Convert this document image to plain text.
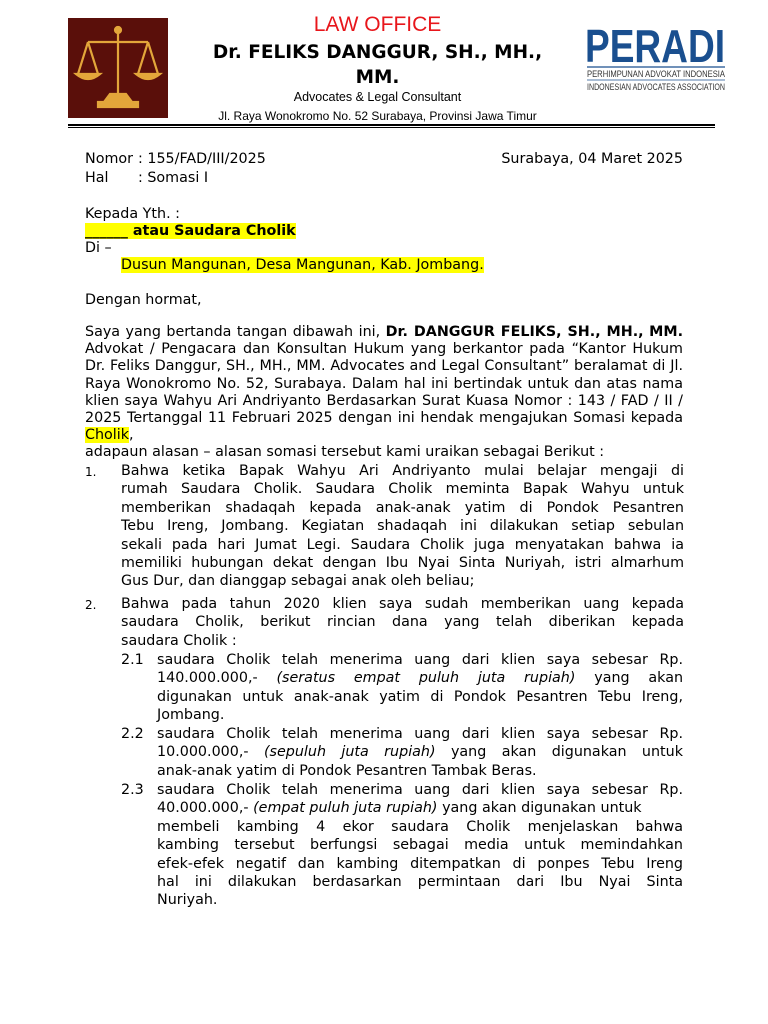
LAW OFFICE
Dr. FELIKS DANGGUR, SH., MH.,
MM.
Advocates & Legal Consultant
Jl. Raya Wonokromo No. 52 Surabaya, Provinsi Jawa Timur
PERADI
PERHIMPUNAN ADVOKAT INDONESIA
INDONESIAN ADVOCATES ASSOCIATION
Nomor : 155/FAD/III/2025	Surabaya, 04 Maret 2025
Hal : Somasi I
Kepada Yth. :
______ atau Saudara Cholik
Di –
Dusun Mangunan, Desa Mangunan, Kab. Jombang.
Dengan hormat,
Saya yang bertanda tangan dibawah ini, Dr. DANGGUR FELIKS, SH., MH., MM. Advokat / Pengacara dan Konsultan Hukum yang berkantor pada “Kantor Hukum Dr. Feliks Danggur, SH., MH., MM. Advocates and Legal Consultant” beralamat di Jl. Raya Wonokromo No. 52, Surabaya. Dalam hal ini bertindak untuk dan atas nama klien saya Wahyu Ari Andriyanto Berdasarkan Surat Kuasa Nomor : 143 / FAD / II / 2025 Tertanggal 11 Februari 2025 dengan ini hendak mengajukan Somasi kepada Cholik,
adapaun alasan – alasan somasi tersebut kami uraikan sebagai Berikut :
1. Bahwa ketika Bapak Wahyu Ari Andriyanto mulai belajar mengaji di
rumah Saudara Cholik. Saudara Cholik meminta Bapak Wahyu untuk
memberikan shadaqah kepada anak-anak yatim di Pondok Pesantren
Tebu Ireng, Jombang. Kegiatan shadaqah ini dilakukan setiap sebulan
sekali pada hari Jumat Legi. Saudara Cholik juga menyatakan bahwa ia
memiliki hubungan dekat dengan Ibu Nyai Sinta Nuriyah, istri almarhum
Gus Dur, dan dianggap sebagai anak oleh beliau;
2. Bahwa pada tahun 2020 klien saya sudah memberikan uang kepada
saudara Cholik, berikut rincian dana yang telah diberikan kepada
saudara Cholik :
2.1 saudara Cholik telah menerima uang dari klien saya sebesar Rp.
140.000.000,- (seratus empat puluh juta rupiah) yang akan
digunakan untuk anak-anak yatim di Pondok Pesantren Tebu Ireng,
Jombang.
2.2 saudara Cholik telah menerima uang dari klien saya sebesar Rp.
10.000.000,- (sepuluh juta rupiah) yang akan digunakan untuk
anak-anak yatim di Pondok Pesantren Tambak Beras.
2.3 saudara Cholik telah menerima uang dari klien saya sebesar Rp.
40.000.000,- (empat puluh juta rupiah) yang akan digunakan untuk
membeli kambing 4 ekor saudara Cholik menjelaskan bahwa
kambing tersebut berfungsi sebagai media untuk memindahkan
efek-efek negatif dan kambing ditempatkan di ponpes Tebu Ireng
hal ini dilakukan berdasarkan permintaan dari Ibu Nyai Sinta
Nuriyah.
